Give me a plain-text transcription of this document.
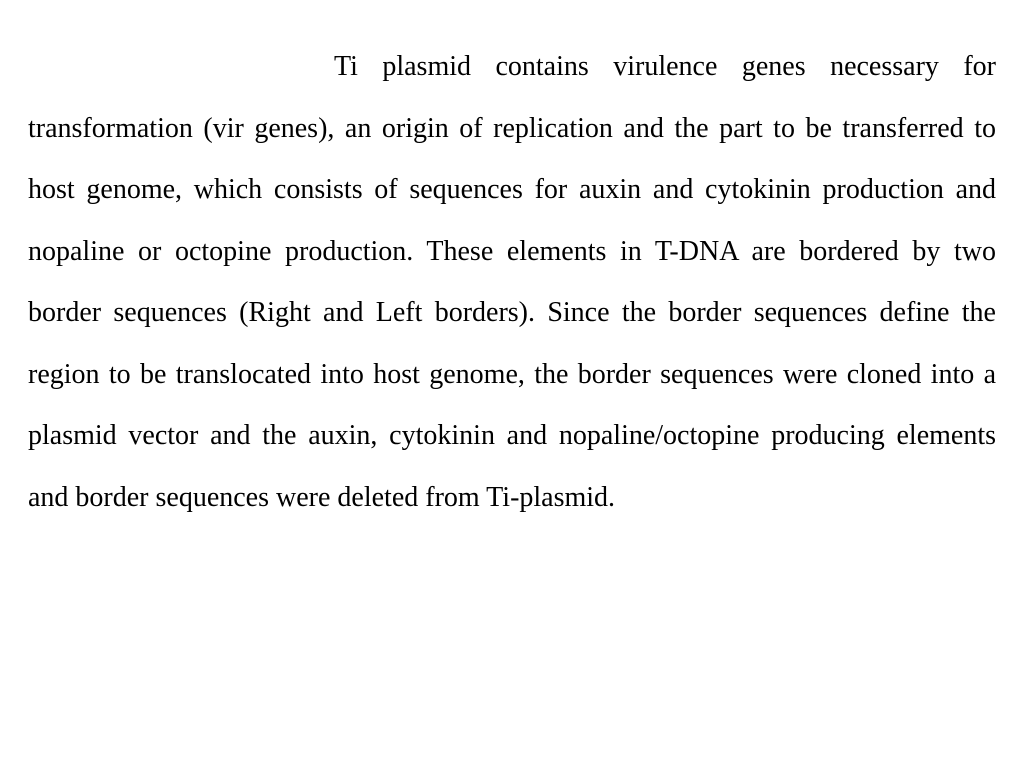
Ti plasmid contains virulence genes necessary for transformation (vir genes), an origin of replication and the part to be transferred to host genome, which consists of sequences for auxin and cytokinin production and nopaline or octopine production. These elements in T-DNA are bordered by two border sequences (Right and Left borders). Since the border sequences define the region to be translocated into host genome, the border sequences were cloned into a plasmid vector and the auxin, cytokinin and nopaline/octopine producing elements and border sequences were deleted from Ti-plasmid.
